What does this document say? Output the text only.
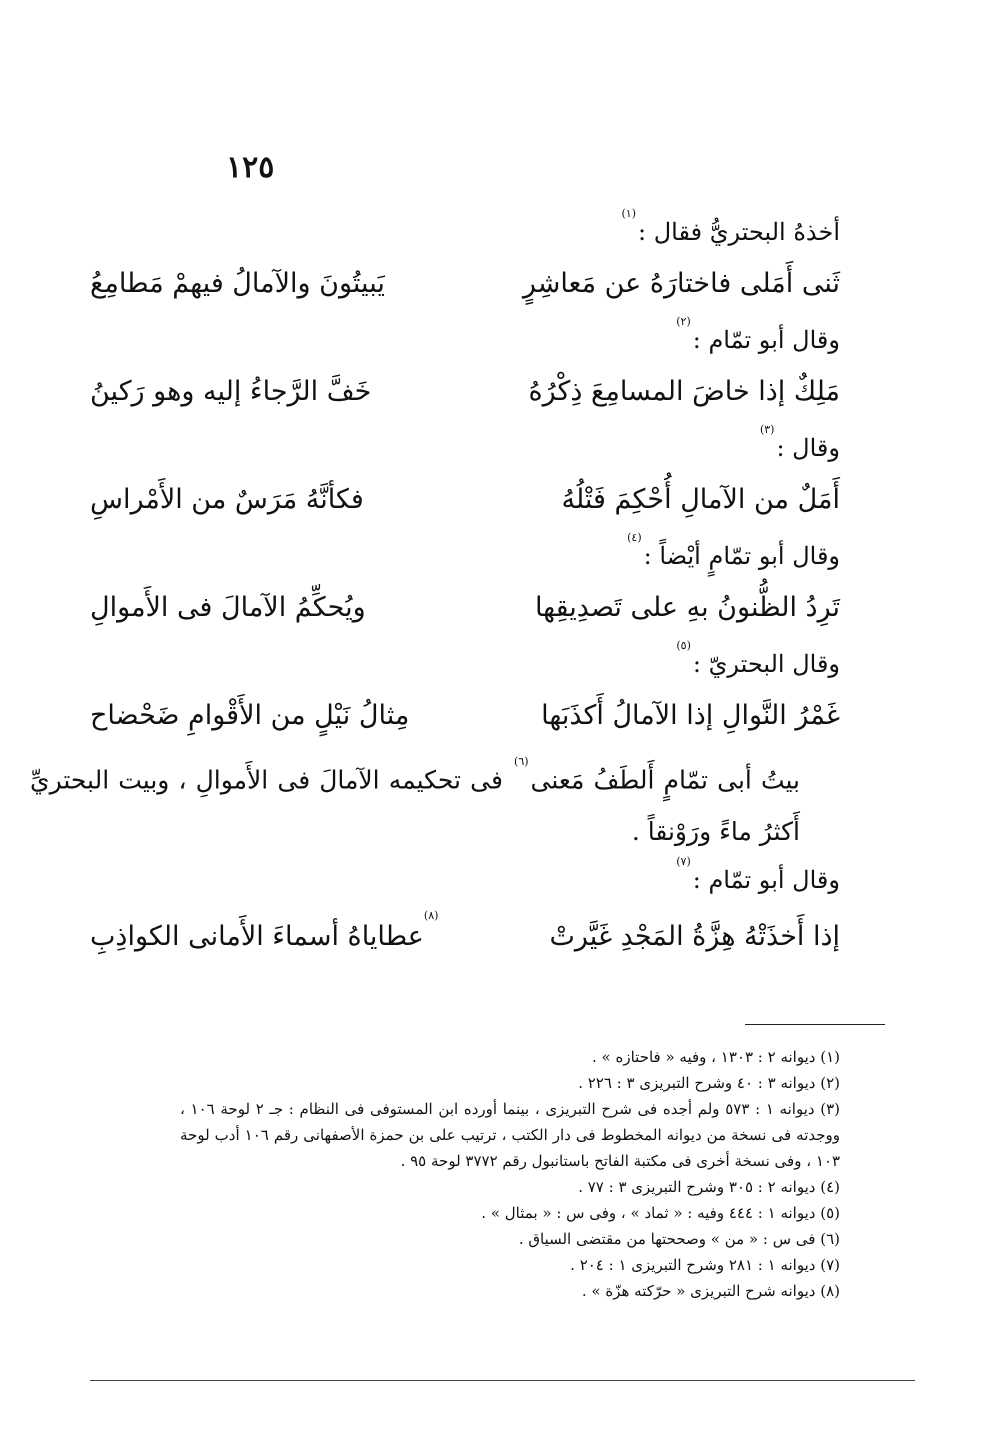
١٢٥

أخذهُ البحتريُّ فقال :$^{(١)}$

ثَنى أَمَلى فاختارَهُ عن مَعاشِرٍ
يَبيتُونَ والآمالُ فيهمْ مَطامِعُ

وقال أبو تمّام :$^{(٢)}$

مَلِكٌ إذا خاضَ المسامِعَ ذِكْرُهُ
خَفَّ الرَّجاءُ إليه وهو رَكينُ

وقال :$^{(٣)}$

أَمَلٌ من الآمالِ أُحْكِمَ فَتْلُهُ
فكأنَّهُ مَرَسٌ من الأَمْراسِ

وقال أبو تمّامٍ أيْضاً :$^{(٤)}$

تَرِدُ الظُّنونُ بهِ على تَصدِيقِها
ويُحكِّمُ الآمالَ فى الأَموالِ

وقال البحتريّ :$^{(٥)}$

غَمْرُ النَّوالِ إذا الآمالُ أَكذَبَها
مِثالُ نَيْلٍ من الأَقْوامِ ضَحْضاح

بيتُ أبى تمّامٍ أَلطَفُ مَعنى$^{(٦)}$ فى تحكيمه الآمالَ فى الأَموالِ ، وبيت البحتريِّ أَكثرُ ماءً ورَوْنقاً .

وقال أبو تمّام :$^{(٧)}$

إذا أَخذَتْهُ هِزَّةُ المَجْدِ غَيَّرتْ
$^{(٨)}$عطاياهُ أسماءَ الأَمانى الكواذِبِ

(١) ديوانه ٢ : ١٣٠٣ ، وفيه « فاحتازه » .

(٢) ديوانه ٣ : ٤٠ وشرح التبريزى ٣ : ٢٢٦ .

(٣) ديوانه ١ : ٥٧٣ ولم أجده فى شرح التبريزى ، بينما أورده ابن المستوفى فى النظام : جـ ٢ لوحة ١٠٦ ، ووجدته فى نسخة من ديوانه المخطوط فى دار الكتب ، ترتيب على بن حمزة الأصفهانى رقم ١٠٦ أدب لوحة ١٠٣ ، وفى نسخة أخرى فى مكتبة الفاتح باستانبول رقم ٣٧٧٢ لوحة ٩٥ .

(٤) ديوانه ٢ : ٣٠٥ وشرح التبريزى ٣ : ٧٧ .

(٥) ديوانه ١ : ٤٤٤ وفيه : « ثماد » ، وفى س : « بمثال » .

(٦) فى س : « من » وصححتها من مقتضى السياق .

(٧) ديوانه ١ : ٢٨١ وشرح التبريزى ١ : ٢٠٤ .

(٨) ديوانه شرح التبريزى « حرّكته هزّة » .
